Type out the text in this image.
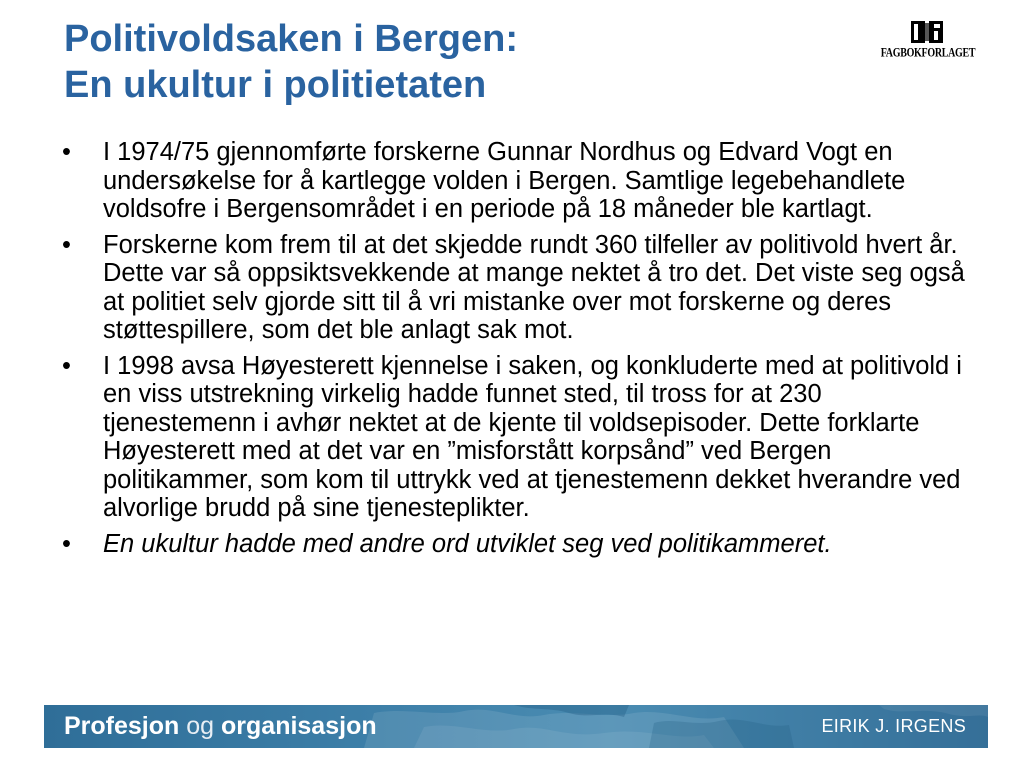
Politivoldsaken i Bergen:
En ukultur i politietaten
FAGBOKFORLAGET
• I 1974/75 gjennomførte forskerne Gunnar Nordhus og Edvard Vogt en undersøkelse for å kartlegge volden i Bergen. Samtlige legebehandlete voldsofre i Bergensområdet i en periode på 18 måneder ble kartlagt.
• Forskerne kom frem til at det skjedde rundt 360 tilfeller av politivold hvert år. Dette var så oppsiktsvekkende at mange nektet å tro det. Det viste seg også at politiet selv gjorde sitt til å vri mistanke over mot forskerne og deres støttespillere, som det ble anlagt sak mot.
• I 1998 avsa Høyesterett kjennelse i saken, og konkluderte med at politivold i en viss utstrekning virkelig hadde funnet sted, til tross for at 230 tjenestemenn i avhør nektet at de kjente til voldsepisoder. Dette forklarte Høyesterett med at det var en ”misforstått korpsånd” ved Bergen politikammer, som kom til uttrykk ved at tjenestemenn dekket hverandre ved alvorlige brudd på sine tjenesteplikter.
• En ukultur hadde med andre ord utviklet seg ved politikammeret.
Profesjon og organisasjon	EIRIK J. IRGENS
